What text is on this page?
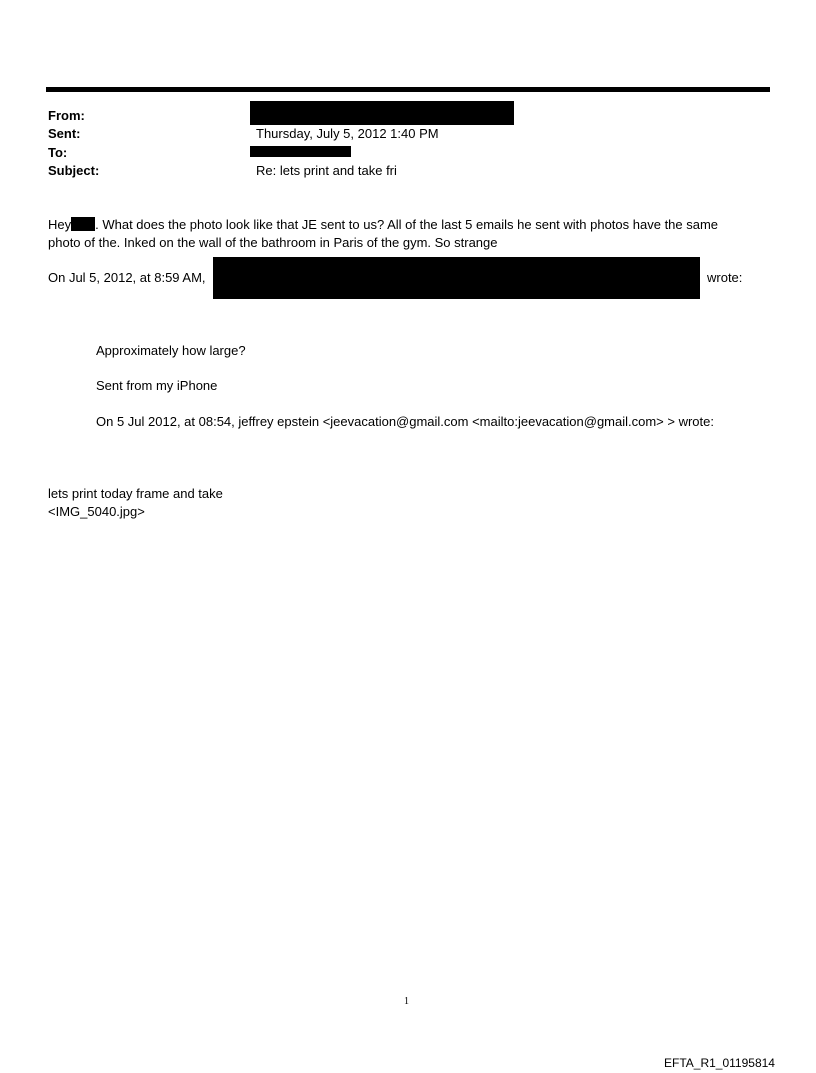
From:
Sent:	Thursday, July 5, 2012 1:40 PM
To:
Subject:	Re: lets print and take fri
Hey . What does the photo look like that JE sent to us? All of the last 5 emails he sent with photos have the same
photo of the. Inked on the wall of the bathroom in Paris of the gym. So strange
On Jul 5, 2012, at 8:59 AM,	wrote:
Approximately how large?
Sent from my iPhone
On 5 Jul 2012, at 08:54, jeffrey epstein <jeevacation@gmail.com <mailto:jeevacation@gmail.com> > wrote:
lets print today frame and take
<IMG_5040.jpg>
1
EFTA_R1_01195814
